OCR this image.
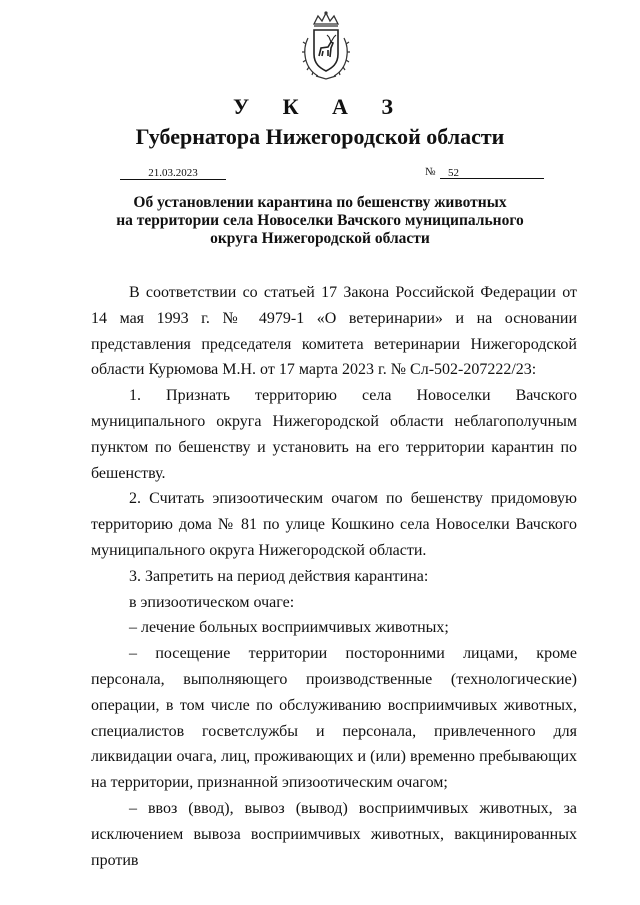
У К А З
Губернатора Нижегородской области
21.03.2023	№	52
Об установлении карантина по бешенству животных
на территории села Новоселки Вачского муниципального
округа Нижегородской области

В соответствии со статьей 17 Закона Российской Федерации от 14 мая 1993 г. № 4979-1 «О ветеринарии» и на основании представления председателя комитета ветеринарии Нижегородской области Курюмова М.Н. от 17 марта 2023 г. № Сл-502-207222/23:

1. Признать территорию села Новоселки Вачского муниципального округа Нижегородской области неблагополучным пунктом по бешенству и установить на его территории карантин по бешенству.

2. Считать эпизоотическим очагом по бешенству придомовую территорию дома № 81 по улице Кошкино села Новоселки Вачского муниципального округа Нижегородской области.

3. Запретить на период действия карантина:

в эпизоотическом очаге:

– лечение больных восприимчивых животных;

– посещение территории посторонними лицами, кроме персонала, выполняющего производственные (технологические) операции, в том числе по обслуживанию восприимчивых животных, специалистов госветслужбы и персонала, привлеченного для ликвидации очага, лиц, проживающих и (или) временно пребывающих на территории, признанной эпизоотическим очагом;

– ввоз (ввод), вывоз (вывод) восприимчивых животных, за исключением вывоза восприимчивых животных, вакцинированных против
